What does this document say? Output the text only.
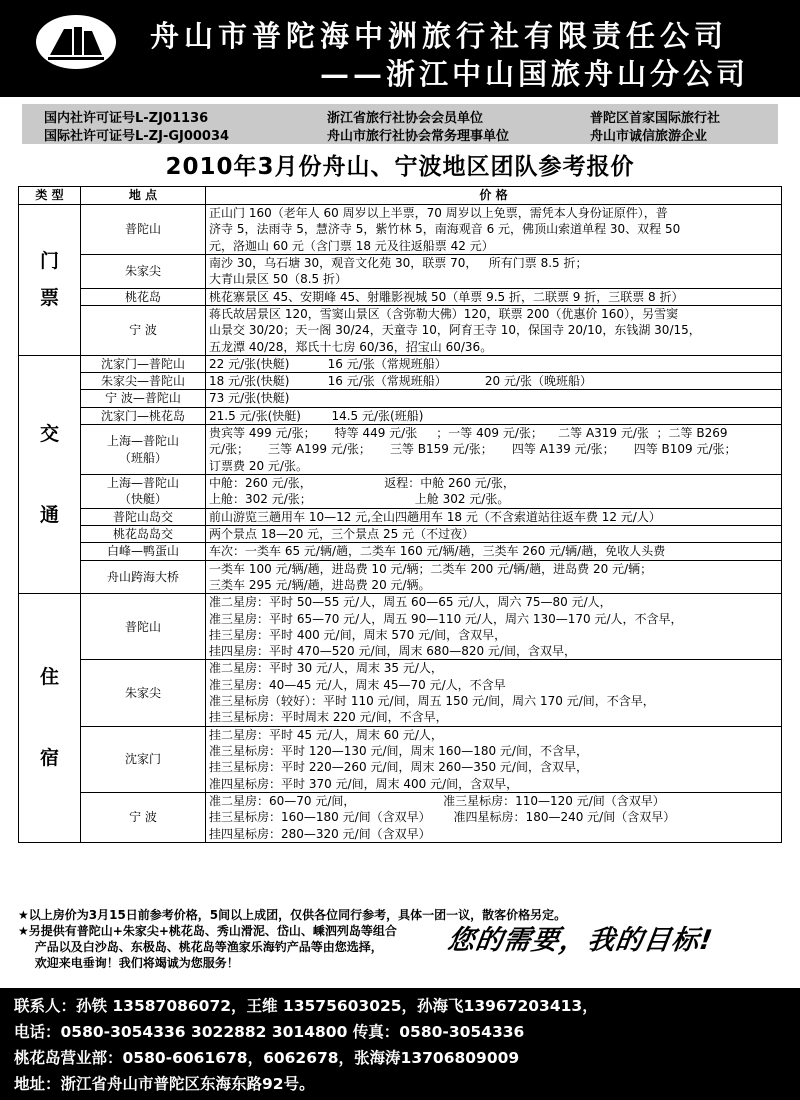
舟山市普陀海中洲旅行社有限责任公司
——浙江中山国旅舟山分公司
国内社许可证号L-ZJ01136	浙江省旅行社协会会员单位	普陀区首家国际旅行社
国际社许可证号L-ZJ-GJ00034	舟山市旅行社协会常务理事单位	舟山市诚信旅游企业
2010年3月份舟山、宁波地区团队参考报价
类 型	地 点	价 格

门
票	普陀山	正山门 160（老年人 60 周岁以上半票，70 周岁以上免票，需凭本人身份证原件），普
济寺 5，法雨寺 5，慧济寺 5，紫竹林 5，南海观音 6 元，佛顶山索道单程 30、双程 50
元，洛迦山 60 元（含门票 18 元及往返船票 42 元）
	朱家尖	南沙 30，乌石塘 30，观音文化苑 30，联票 70，   所有门票 8.5 折；
大青山景区 50（8.5 折）
	桃花岛	桃花寨景区 45、安期峰 45、射雕影视城 50（单票 9.5 折，二联票 9 折，三联票 8 折）
	宁 波	蒋氏故居景区 120，雪窦山景区（含弥勒大佛）120，联票 200（优惠价 160），另雪窦
山景交 30/20；天一阁 30/24，天童寺 10，阿育王寺 10，保国寺 20/10，东钱湖 30/15，
五龙潭 40/28，郑氏十七房 60/36，招宝山 60/36。

交
通	沈家门—普陀山	22 元/张(快艇)          16 元/张（常规班船）
	朱家尖—普陀山	18 元/张(快艇)          16 元/张（常规班船）          20 元/张（晚班船）
	宁 波—普陀山	73 元/张(快艇)
	沈家门—桃花岛	21.5 元/张(快艇)        14.5 元/张(班船)
	上海—普陀山
（班船）	贵宾等 499 元/张；     特等 449 元/张     ；一等 409 元/张；    二等 A319 元/张  ；二等 B269
元/张；     三等 A199 元/张；     三等 B159 元/张；     四等 A139 元/张；     四等 B109 元/张；
订票费 20 元/张。
	上海—普陀山
（快艇）	中舱：260 元/张，                   返程：中舱 260 元/张，
上舱：302 元/张；                           上舱 302 元/张。
	普陀山岛交	前山游览三趟用车 10—12 元,全山四趟用车 18 元（不含索道站往返车费 12 元/人）
	桃花岛岛交	两个景点 18—20 元，三个景点 25 元（不过夜）
	白峰—鸭蛋山	车次：一类车 65 元/辆/趟，二类车 160 元/辆/趟，三类车 260 元/辆/趟，免收人头费
	舟山跨海大桥	一类车 100 元/辆/趟，进岛费 10 元/辆；二类车 200 元/辆/趟，进岛费 20 元/辆；
三类车 295 元/辆/趟，进岛费 20 元/辆。

住
宿	普陀山	准二星房：平时 50—55 元/人，周五 60—65 元/人，周六 75—80 元/人，
准三星房：平时 65—70 元/人，周五 90—110 元/人，周六 130—170 元/人，不含早，
挂三星房：平时 400 元/间，周末 570 元/间，含双早，
挂四星房：平时 470—520 元/间，周末 680—820 元/间，含双早，
	朱家尖	准二星房：平时 30 元/人，周末 35 元/人，
准三星房：40—45 元/人，周末 45—70 元/人，不含早
准三星标房（较好）：平时 110 元/间，周五 150 元/间，周六 170 元/间，不含早，
挂三星标房：平时周末 220 元/间，不含早，
	沈家门	挂二星房：平时 45 元/人，周末 60 元/人，
准三星标房：平时 120—130 元/间，周末 160—180 元/间，不含早，
挂三星标房：平时 220—260 元/间，周末 260—350 元/间，含双早，
准四星标房：平时 370 元/间，周末 400 元/间，含双早，
	宁 波	准二星房：60—70 元/间，                       准三星标房：110—120 元/间（含双早）
挂三星标房：160—180 元/间（含双早）      准四星标房：180—240 元/间（含双早）
挂四星标房：280—320 元/间（含双早）
★以上房价为3月15日前参考价格，5间以上成团，仅供各位同行参考，具体一团一议，散客价格另定。
★另提供有普陀山+朱家尖+桃花岛、秀山滑泥、岱山、嵊泗列岛等组合
产品以及白沙岛、东极岛、桃花岛等渔家乐海钓产品等由您选择，
欢迎来电垂询！我们将竭诚为您服务！
您的需要，我的目标!
联系人：孙铁 13587086072，王维 13575603025，孙海飞13967203413，
电话：0580-3054336 3022882 3014800 传真：0580-3054336
桃花岛营业部：0580-6061678，6062678，张海涛13706809009
地址：浙江省舟山市普陀区东海东路92号。
